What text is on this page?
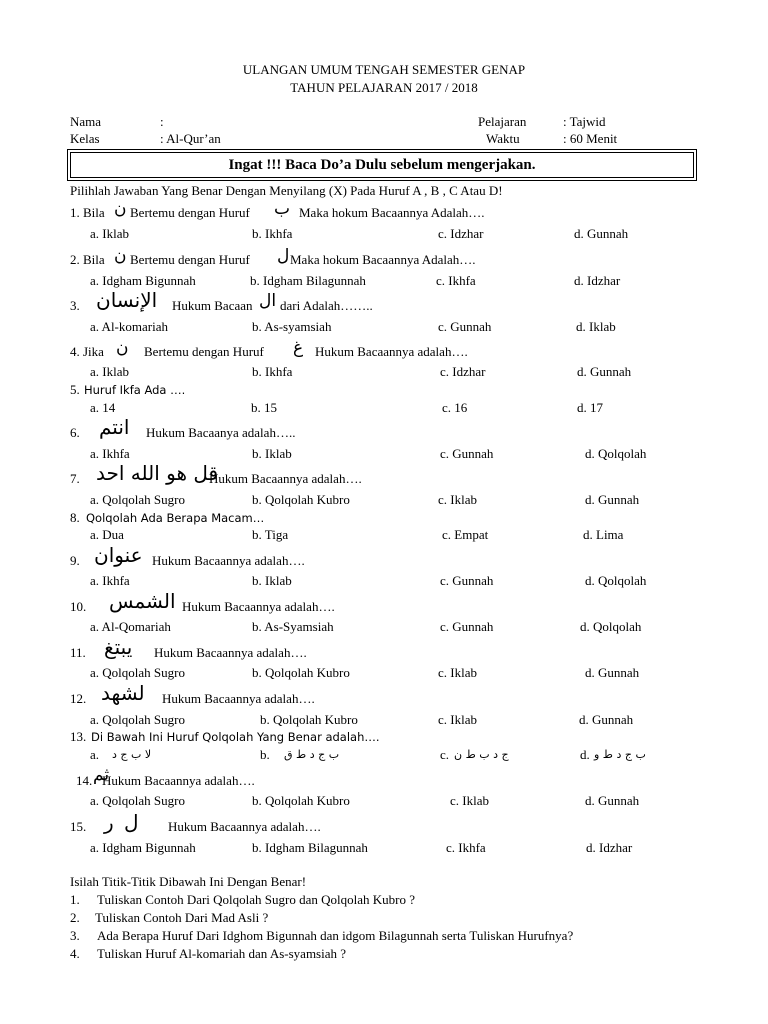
ULANGAN UMUM TENGAH SEMESTER GENAP
TAHUN PELAJARAN 2017 / 2018
Nama	:
Kelas	: Al-Qur’an
Pelajaran	: Tajwid
Waktu	: 60 Menit
Ingat !!! Baca Do’a Dulu sebelum mengerjakan.
Pilihlah Jawaban Yang Benar Dengan Menyilang (X) Pada Huruf A , B , C Atau D!
1. Bila ن Bertemu dengan Huruf ب Maka hokum Bacaannya Adalah….
a. Iklab	b. Ikhfa	c. Idzhar	d. Gunnah
2. Bila ن Bertemu dengan Huruf ل Maka hokum Bacaannya Adalah….
a. Idgham Bigunnah	b. Idgham Bilagunnah	c. Ikhfa	d. Idzhar
3. الإنسان Hukum Bacaan ال dari Adalah……..
a. Al-komariah	b. As-syamsiah	c. Gunnah	d. Iklab
4. Jika ن Bertemu dengan Huruf غ Hukum Bacaannya adalah….
a. Iklab	b. Ikhfa	c. Idzhar	d. Gunnah
5. Huruf Ikfa Ada ….
a. 14	b. 15	c. 16	d. 17
6. انتم Hukum Bacaanya adalah…..
a. Ikhfa	b. Iklab	c. Gunnah	d. Qolqolah
7. قل هو الله احد
Hukum Bacaannya adalah….
a. Qolqolah Sugro	b. Qolqolah Kubro	c. Iklab	d. Gunnah
8. Qolqolah Ada Berapa Macam…
a. Dua	b. Tiga	c. Empat	d. Lima
9. عنوان Hukum Bacaannya adalah….
a. Ikhfa	b. Iklab	c. Gunnah	d. Qolqolah
10. الشمس Hukum Bacaannya adalah….
a. Al-Qomariah	b. As-Syamsiah	c. Gunnah	d. Qolqolah
11. يبتغ Hukum Bacaannya adalah….
a. Qolqolah Sugro	b. Qolqolah Kubro	c. Iklab	d. Gunnah
12. لشهد Hukum Bacaannya adalah….
a. Qolqolah Sugro	b. Qolqolah Kubro	c. Iklab	d. Gunnah
13. Di Bawah Ini Huruf Qolqolah Yang Benar adalah….
a. لا ب ج د	b. ب ج د ط ق	c. ج د ب ط ن	d. ب ج د ط و
14. ثم
Hukum Bacaannya adalah….
a. Qolqolah Sugro	b. Qolqolah Kubro	c. Iklab	d. Gunnah
15. ر ل Hukum Bacaannya adalah….
a. Idgham Bigunnah	b. Idgham Bilagunnah	c. Ikhfa	d. Idzhar
Isilah Titik-Titik Dibawah Ini Dengan Benar!
1. Tuliskan Contoh Dari Qolqolah Sugro dan Qolqolah Kubro ?
2. Tuliskan Contoh Dari Mad Asli ?
3. Ada Berapa Huruf Dari Idghom Bigunnah dan idgom Bilagunnah serta Tuliskan Hurufnya?
4. Tuliskan Huruf Al-komariah dan As-syamsiah ?
